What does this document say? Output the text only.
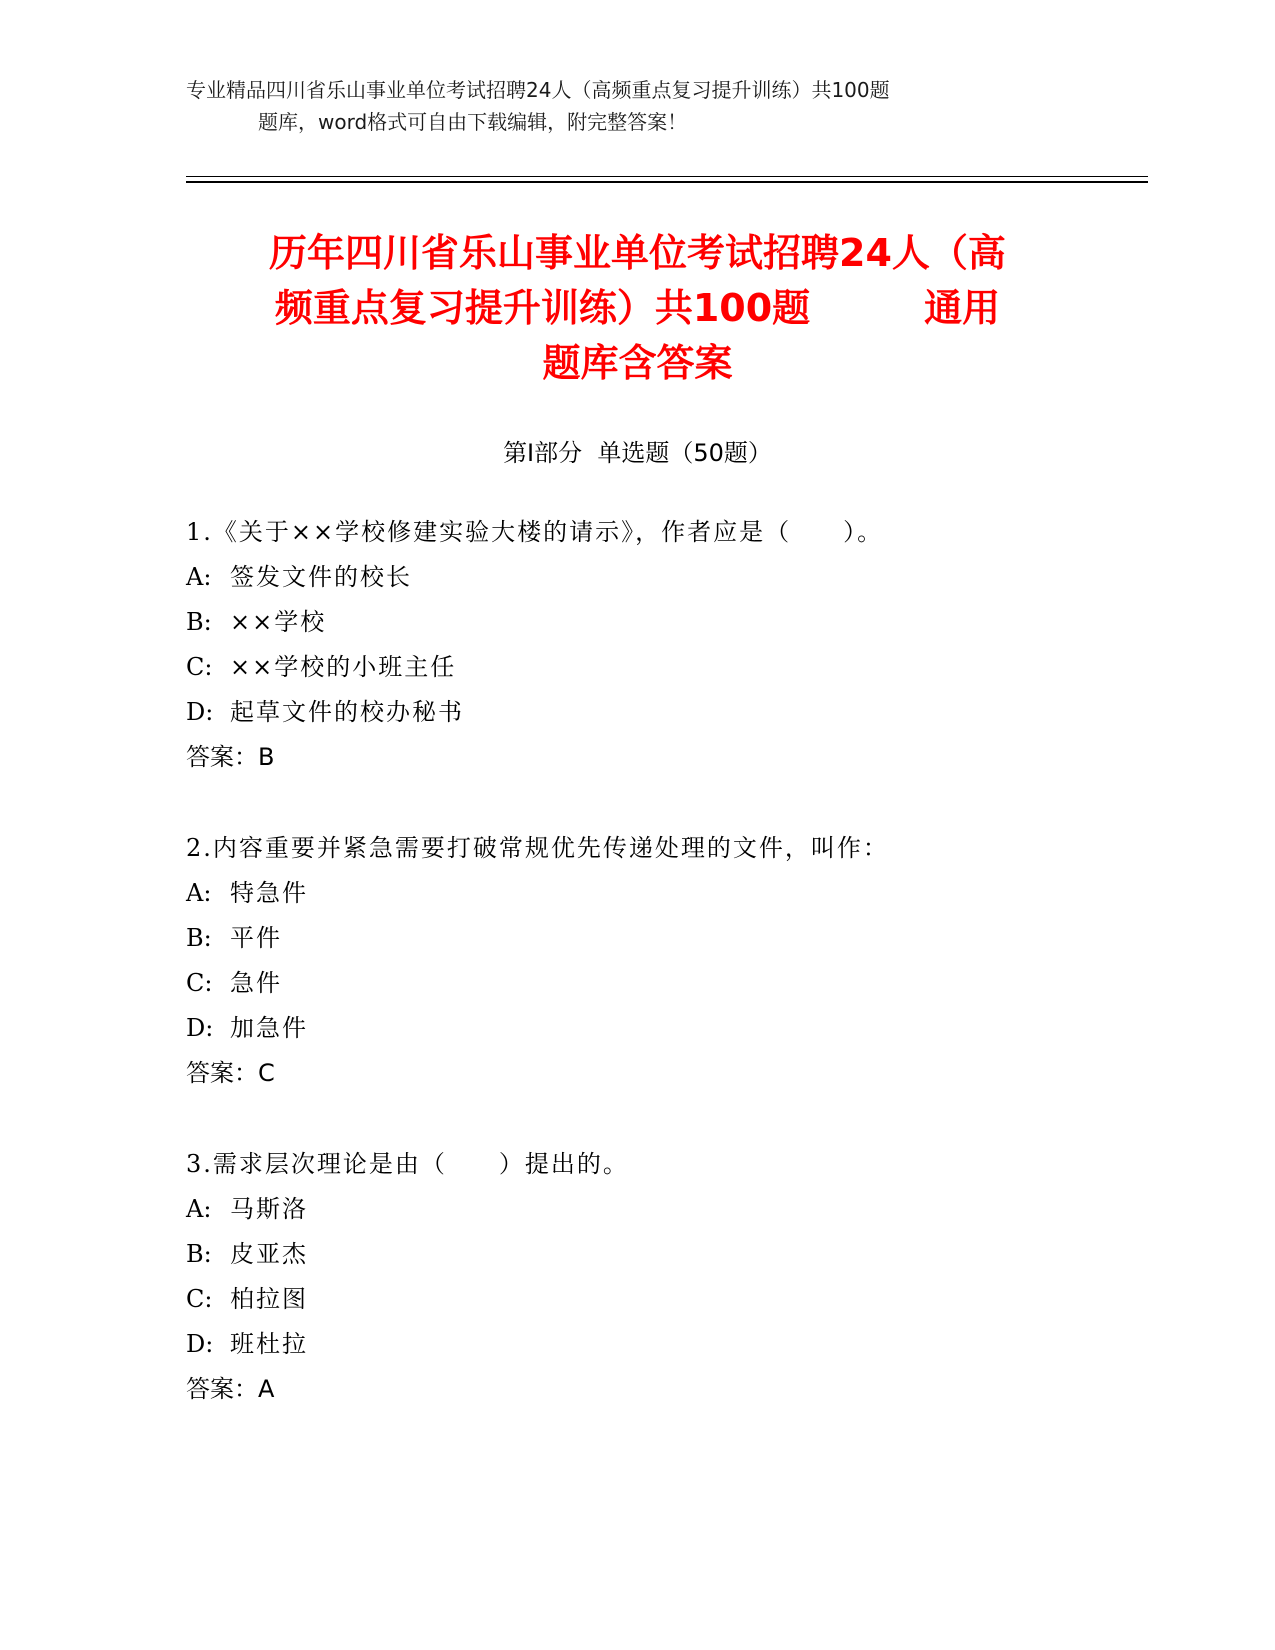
专业精品四川省乐山事业单位考试招聘24人（高频重点复习提升训练）共100题
题库，word格式可自由下载编辑，附完整答案！
历年四川省乐山事业单位考试招聘24人（高
频重点复习提升训练）共100题　　　通用
题库含答案
第Ⅰ部分  单选题（50题）
1.《关于××学校修建实验大楼的请示》，作者应是（　　）。
A: 签发文件的校长
B: ××学校
C: ××学校的小班主任
D: 起草文件的校办秘书
答案：B
2.内容重要并紧急需要打破常规优先传递处理的文件，叫作：
A: 特急件
B: 平件
C: 急件
D: 加急件
答案：C
3.需求层次理论是由（　　）提出的。
A: 马斯洛
B: 皮亚杰
C: 柏拉图
D: 班杜拉
答案：A
